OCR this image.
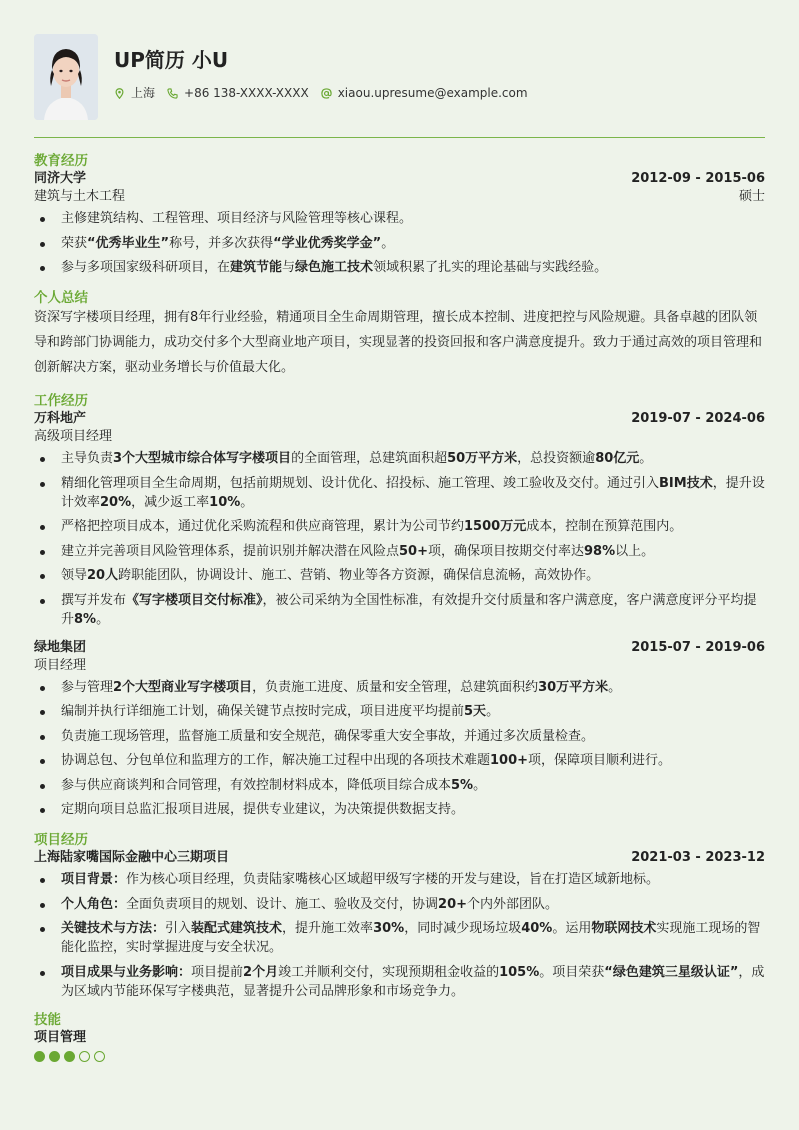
UP简历 小U
上海 +86 138-XXXX-XXXX xiaou.upresume@example.com
教育经历
同济大学	2012-09 - 2015-06
建筑与土木工程	硕士
主修建筑结构、工程管理、项目经济与风险管理等核心课程。
荣获“优秀毕业生”称号，并多次获得“学业优秀奖学金”。
参与多项国家级科研项目，在建筑节能与绿色施工技术领域积累了扎实的理论基础与实践经验。
个人总结
资深写字楼项目经理，拥有8年行业经验，精通项目全生命周期管理，擅长成本控制、进度把控与风险规避。具备卓越的团队领导和跨部门协调能力，成功交付多个大型商业地产项目，实现显著的投资回报和客户满意度提升。致力于通过高效的项目管理和创新解决方案，驱动业务增长与价值最大化。
工作经历
万科地产	2019-07 - 2024-06
高级项目经理
主导负责3个大型城市综合体写字楼项目的全面管理，总建筑面积超50万平方米，总投资额逾80亿元。
精细化管理项目全生命周期，包括前期规划、设计优化、招投标、施工管理、竣工验收及交付。通过引入BIM技术，提升设计效率20%，减少返工率10%。
严格把控项目成本，通过优化采购流程和供应商管理，累计为公司节约1500万元成本，控制在预算范围内。
建立并完善项目风险管理体系，提前识别并解决潜在风险点50+项，确保项目按期交付率达98%以上。
领导20人跨职能团队，协调设计、施工、营销、物业等各方资源，确保信息流畅，高效协作。
撰写并发布《写字楼项目交付标准》，被公司采纳为全国性标准，有效提升交付质量和客户满意度，客户满意度评分平均提升8%。
绿地集团	2015-07 - 2019-06
项目经理
参与管理2个大型商业写字楼项目，负责施工进度、质量和安全管理，总建筑面积约30万平方米。
编制并执行详细施工计划，确保关键节点按时完成，项目进度平均提前5天。
负责施工现场管理，监督施工质量和安全规范，确保零重大安全事故，并通过多次质量检查。
协调总包、分包单位和监理方的工作，解决施工过程中出现的各项技术难题100+项，保障项目顺利进行。
参与供应商谈判和合同管理，有效控制材料成本，降低项目综合成本5%。
定期向项目总监汇报项目进展，提供专业建议，为决策提供数据支持。
项目经历
上海陆家嘴国际金融中心三期项目	2021-03 - 2023-12
项目背景：作为核心项目经理，负责陆家嘴核心区域超甲级写字楼的开发与建设，旨在打造区域新地标。
个人角色：全面负责项目的规划、设计、施工、验收及交付，协调20+个内外部团队。
关键技术与方法：引入装配式建筑技术，提升施工效率30%，同时减少现场垃圾40%。运用物联网技术实现施工现场的智能化监控，实时掌握进度与安全状况。
项目成果与业务影响：项目提前2个月竣工并顺利交付，实现预期租金收益的105%。项目荣获“绿色建筑三星级认证”，成为区域内节能环保写字楼典范，显著提升公司品牌形象和市场竞争力。
技能
项目管理
